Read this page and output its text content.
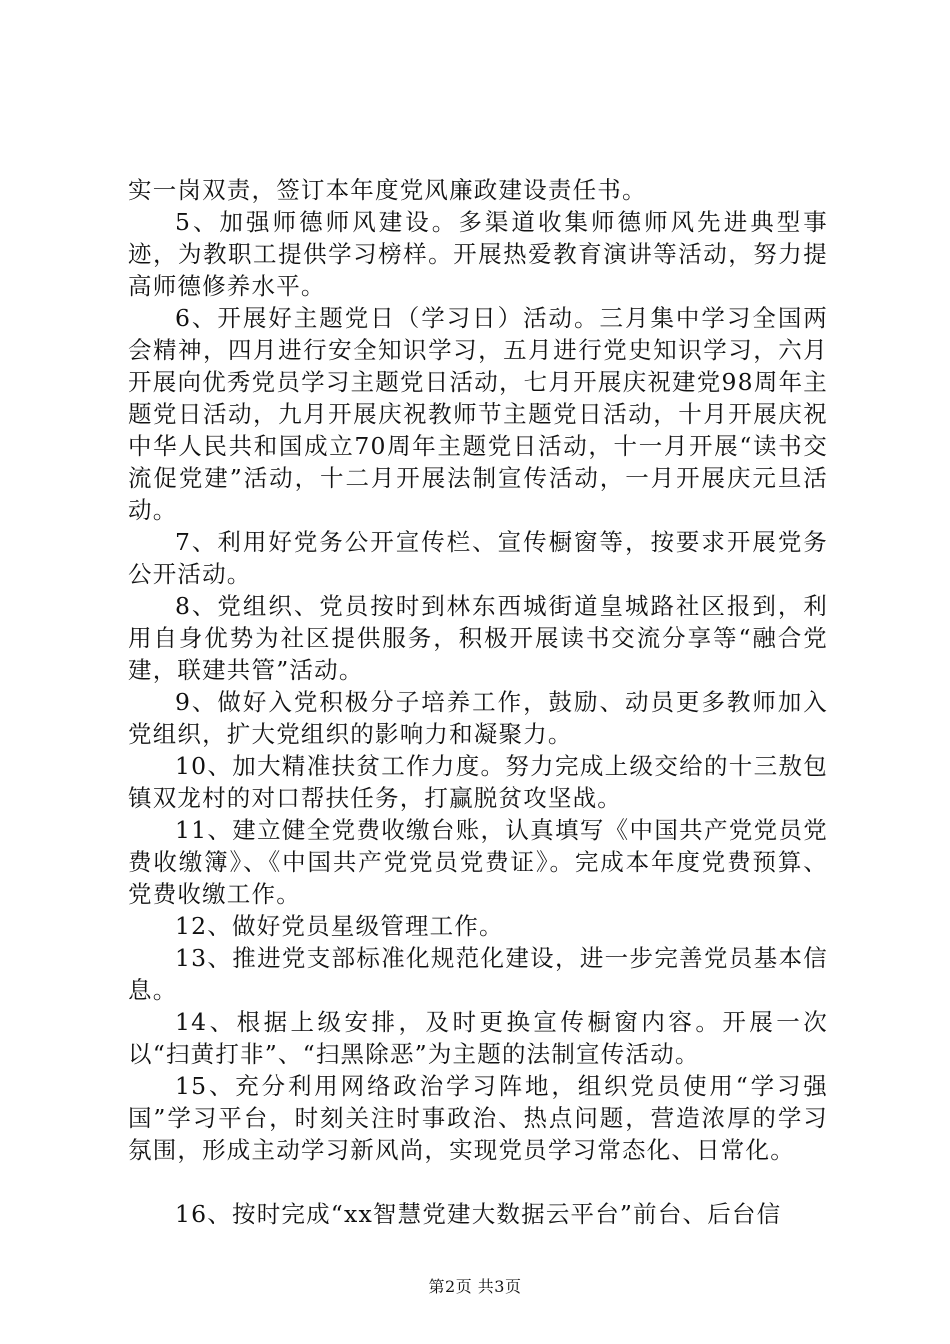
实一岗双责，签订本年度党风廉政建设责任书。

5、加强师德师风建设。多渠道收集师德师风先进典型事迹，为教职工提供学习榜样。开展热爱教育演讲等活动，努力提高师德修养水平。

6、开展好主题党日（学习日）活动。三月集中学习全国两会精神，四月进行安全知识学习，五月进行党史知识学习，六月开展向优秀党员学习主题党日活动，七月开展庆祝建党98周年主题党日活动，九月开展庆祝教师节主题党日活动，十月开展庆祝中华人民共和国成立70周年主题党日活动，十一月开展“读书交流促党建”活动，十二月开展法制宣传活动，一月开展庆元旦活动。

7、利用好党务公开宣传栏、宣传橱窗等，按要求开展党务公开活动。

8、党组织、党员按时到林东西城街道皇城路社区报到，利用自身优势为社区提供服务，积极开展读书交流分享等“融合党建，联建共管”活动。

9、做好入党积极分子培养工作，鼓励、动员更多教师加入党组织，扩大党组织的影响力和凝聚力。

10、加大精准扶贫工作力度。努力完成上级交给的十三敖包镇双龙村的对口帮扶任务，打赢脱贫攻坚战。

11、建立健全党费收缴台账，认真填写《中国共产党党员党费收缴簿》、《中国共产党党员党费证》。完成本年度党费预算、党费收缴工作。

12、做好党员星级管理工作。

13、推进党支部标准化规范化建设，进一步完善党员基本信息。

14、根据上级安排，及时更换宣传橱窗内容。开展一次以“扫黄打非”、“扫黑除恶”为主题的法制宣传活动。

15、充分利用网络政治学习阵地，组织党员使用“学习强国”学习平台，时刻关注时事政治、热点问题，营造浓厚的学习氛围，形成主动学习新风尚，实现党员学习常态化、日常化。

16、按时完成“xx智慧党建大数据云平台”前台、后台信

第2页 共3页
